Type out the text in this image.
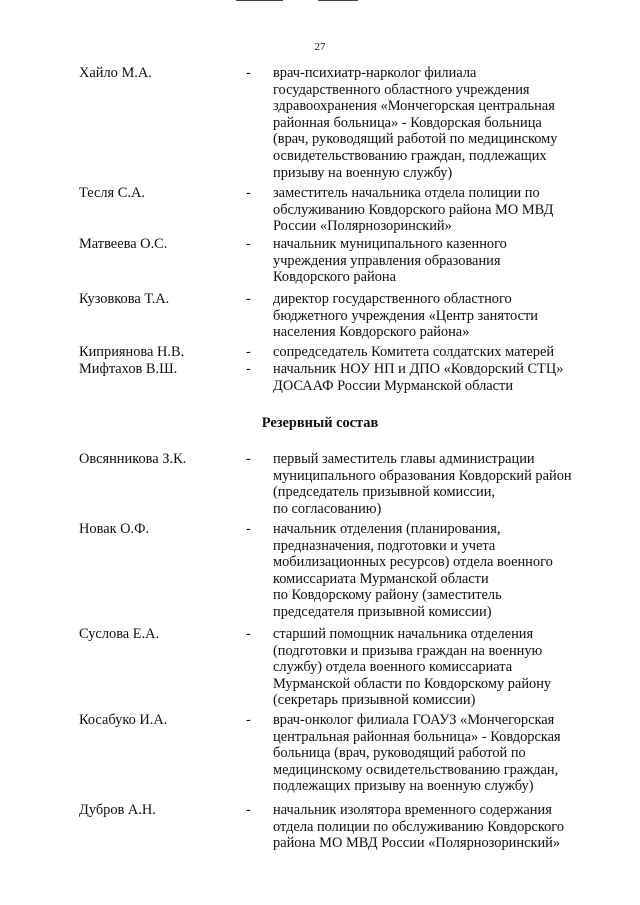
27
Хайло М.А.	- врач-психиатр-нарколог филиала
государственного областного учреждения
здравоохранения «Мончегорская центральная
районная больница» - Ковдорская больница
(врач, руководящий работой по медицинскому
освидетельствованию граждан, подлежащих
призыву на военную службу)
Тесля С.А.	- заместитель начальника отдела полиции по
обслуживанию Ковдорского района МО МВД
России «Полярнозоринский»
Матвеева О.С.	- начальник муниципального казенного
учреждения управления образования
Ковдорского района
Кузовкова Т.А.	- директор государственного областного
бюджетного учреждения «Центр занятости
населения Ковдорского района»
Киприянова Н.В.	- сопредседатель Комитета солдатских матерей
Мифтахов В.Ш.	- начальник НОУ НП и ДПО «Ковдорский СТЦ»
ДОСААФ России Мурманской области
Резервный состав
Овсянникова З.К.	- первый заместитель главы администрации
муниципального образования Ковдорский район
(председатель призывной комиссии,
по согласованию)
Новак О.Ф.	- начальник отделения (планирования,
предназначения, подготовки и учета
мобилизационных ресурсов) отдела военного
комиссариата Мурманской области
по Ковдорскому району (заместитель
председателя призывной комиссии)
Суслова Е.А.	- старший помощник начальника отделения
(подготовки и призыва граждан на военную
службу) отдела военного комиссариата
Мурманской области по Ковдорскому району
(секретарь призывной комиссии)
Косабуко И.А.	- врач-онколог филиала ГОАУЗ «Мончегорская
центральная районная больница» - Ковдорская
больница (врач, руководящий работой по
медицинскому освидетельствованию граждан,
подлежащих призыву на военную службу)
Дубров А.Н.	- начальник изолятора временного содержания
отдела полиции по обслуживанию Ковдорского
района МО МВД России «Полярнозоринский»
